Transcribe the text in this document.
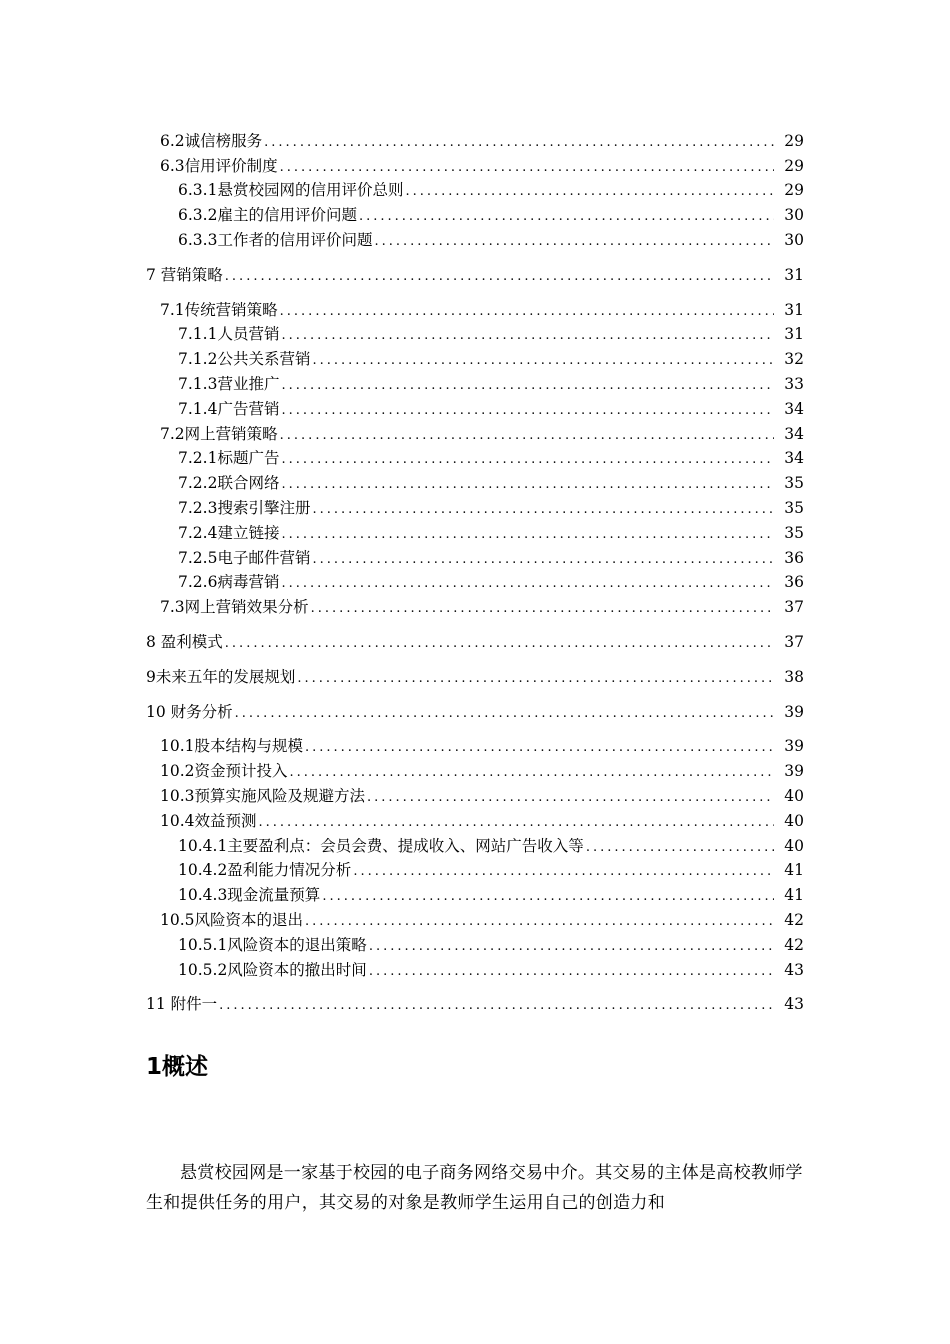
6.2诚信榜服务 .....	29
6.3信用评价制度 .....	29
6.3.1悬赏校园网的信用评价总则 .....	29
6.3.2雇主的信用评价问题 .....	30
6.3.3工作者的信用评价问题 .....	30
7 营销策略 .....	31
7.1传统营销策略 .....	31
7.1.1人员营销 .....	31
7.1.2公共关系营销 .....	32
7.1.3营业推广 .....	33
7.1.4广告营销 .....	34
7.2网上营销策略 .....	34
7.2.1标题广告 .....	34
7.2.2联合网络 .....	35
7.2.3搜索引擎注册 .....	35
7.2.4建立链接 .....	35
7.2.5电子邮件营销 .....	36
7.2.6病毒营销 .....	36
7.3网上营销效果分析 .....	37
8 盈利模式 .....	37
9未来五年的发展规划 .....	38
10 财务分析 .....	39
10.1股本结构与规模 .....	39
10.2资金预计投入 .....	39
10.3预算实施风险及规避方法 .....	40
10.4效益预测 .....	40
10.4.1主要盈利点：会员会费、提成收入、网站广告收入等 .....	40
10.4.2盈利能力情况分析 .....	41
10.4.3现金流量预算 .....	41
10.5风险资本的退出 .....	42
10.5.1风险资本的退出策略 .....	42
10.5.2风险资本的撤出时间 .....	43
11 附件一 .....	43
1概述
悬赏校园网是一家基于校园的电子商务网络交易中介。其交易的主体是高校教师学生和提供任务的用户，其交易的对象是教师学生运用自己的创造力和
